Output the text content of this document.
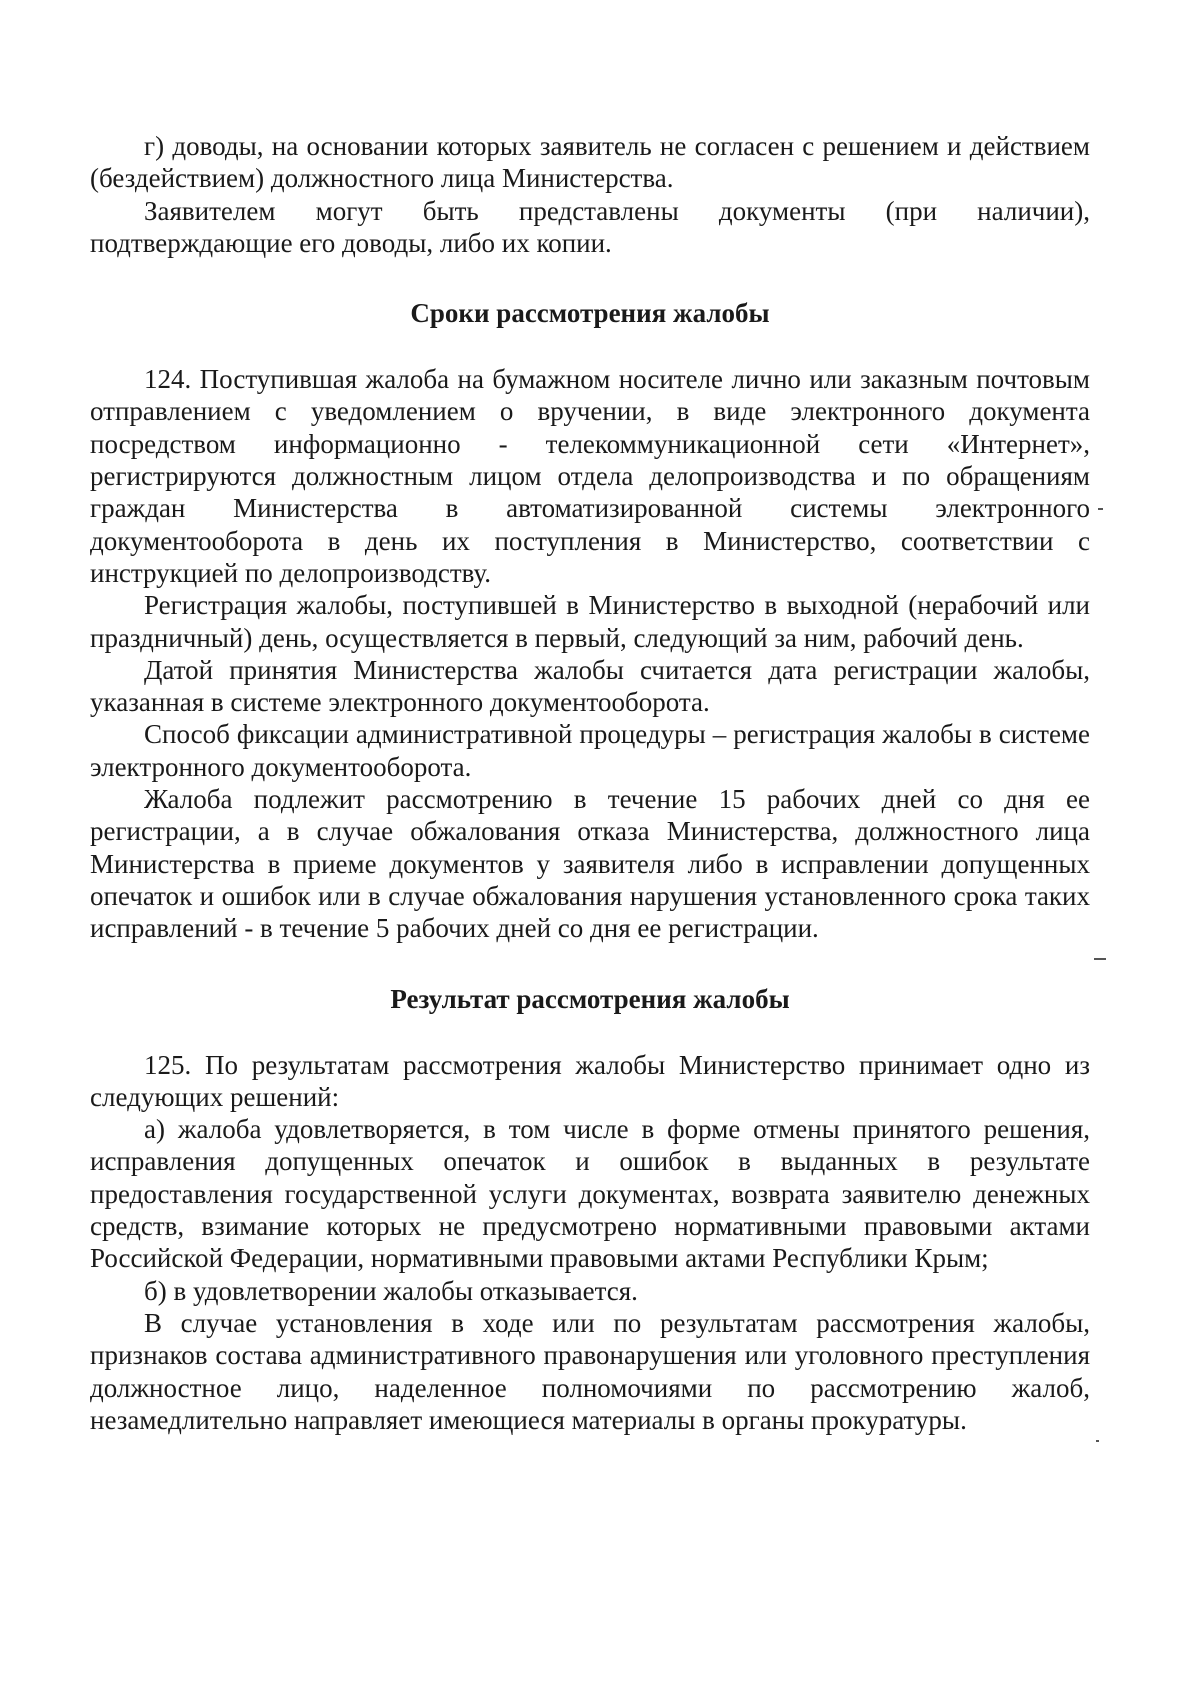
г) доводы, на основании которых заявитель не согласен с решением и действием (бездействием) должностного лица Министерства.

Заявителем могут быть представлены документы (при наличии), подтверждающие его доводы, либо их копии.

Сроки рассмотрения жалобы

124. Поступившая жалоба на бумажном носителе лично или заказным почтовым отправлением с уведомлением о вручении, в виде электронного документа посредством информационно - телекоммуникационной сети «Интернет», регистрируются должностным лицом отдела делопроизводства и по обращениям граждан Министерства в автоматизированной системы электронного документооборота в день их поступления в Министерство, соответствии с инструкцией по делопроизводству.

Регистрация жалобы, поступившей в Министерство в выходной (нерабочий или праздничный) день, осуществляется в первый, следующий за ним, рабочий день.

Датой принятия Министерства жалобы считается дата регистрации жалобы, указанная в системе электронного документооборота.

Способ фиксации административной процедуры – регистрация жалобы в системе электронного документооборота.

Жалоба подлежит рассмотрению в течение 15 рабочих дней со дня ее регистрации, а в случае обжалования отказа Министерства, должностного лица Министерства в приеме документов у заявителя либо в исправлении допущенных опечаток и ошибок или в случае обжалования нарушения установленного срока таких исправлений - в течение 5 рабочих дней со дня ее регистрации.

Результат рассмотрения жалобы

125. По результатам рассмотрения жалобы Министерство принимает одно из следующих решений:

а) жалоба удовлетворяется, в том числе в форме отмены принятого решения, исправления допущенных опечаток и ошибок в выданных в результате предоставления государственной услуги документах, возврата заявителю денежных средств, взимание которых не предусмотрено нормативными правовыми актами Российской Федерации, нормативными правовыми актами Республики Крым;

б) в удовлетворении жалобы отказывается.

В случае установления в ходе или по результатам рассмотрения жалобы, признаков состава административного правонарушения или уголовного преступления должностное лицо, наделенное полномочиями по рассмотрению жалоб, незамедлительно направляет имеющиеся материалы в органы прокуратуры.
